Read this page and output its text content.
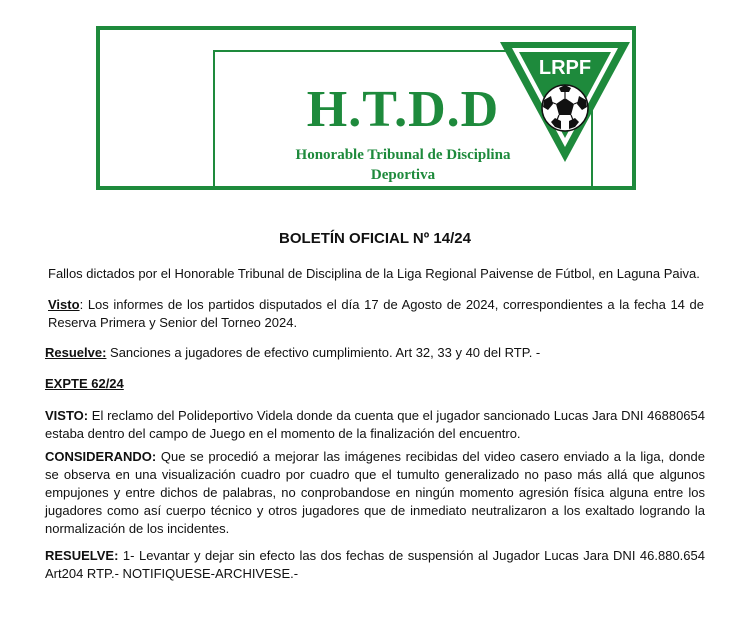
H.T.D.D
Honorable Tribunal de Disciplina
Deportiva
LRPF
BOLETÍN OFICIAL Nº 14/24

Fallos dictados por el Honorable Tribunal de Disciplina de la Liga Regional Paivense de Fútbol, en Laguna Paiva.

Visto: Los informes de los partidos disputados el día 17 de Agosto de 2024, correspondientes a la fecha 14 de Reserva Primera y Senior del Torneo 2024.

Resuelve: Sanciones a jugadores de efectivo cumplimiento. Art 32, 33 y 40 del RTP. -

EXPTE 62/24

VISTO: El reclamo del Polideportivo Videla donde da cuenta que el jugador sancionado Lucas Jara DNI 46880654 estaba dentro del campo de Juego en el momento de la finalización del encuentro.

CONSIDERANDO: Que se procedió a mejorar las imágenes recibidas del video casero enviado a la liga, donde se observa en una visualización cuadro por cuadro que el tumulto generalizado no paso más allá que algunos empujones y entre dichos de palabras, no conprobandose en ningún momento agresión física alguna entre los jugadores como así cuerpo técnico y otros jugadores que de inmediato neutralizaron a los exaltado logrando la normalización de los incidentes.

RESUELVE: 1- Levantar y dejar sin efecto las dos fechas de suspensión al Jugador Lucas Jara DNI 46.880.654 Art204 RTP.- NOTIFIQUESE-ARCHIVESE.-
